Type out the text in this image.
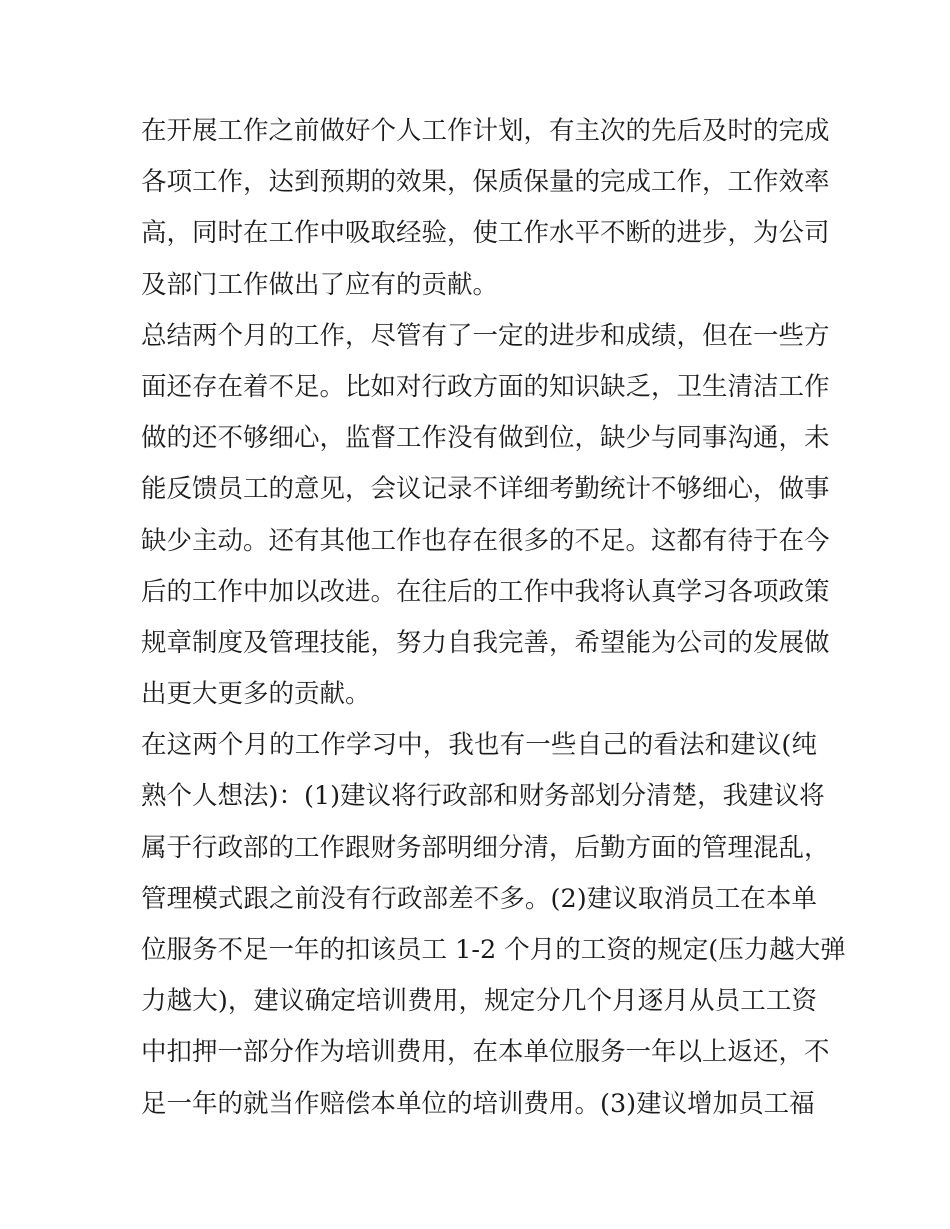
在开展工作之前做好个人工作计划，有主次的先后及时的完成
各项工作，达到预期的效果，保质保量的完成工作，工作效率
高，同时在工作中吸取经验，使工作水平不断的进步，为公司
及部门工作做出了应有的贡献。
总结两个月的工作，尽管有了一定的进步和成绩，但在一些方
面还存在着不足。比如对行政方面的知识缺乏，卫生清洁工作
做的还不够细心，监督工作没有做到位，缺少与同事沟通，未
能反馈员工的意见，会议记录不详细考勤统计不够细心，做事
缺少主动。还有其他工作也存在很多的不足。这都有待于在今
后的工作中加以改进。在往后的工作中我将认真学习各项政策
规章制度及管理技能，努力自我完善，希望能为公司的发展做
出更大更多的贡献。
在这两个月的工作学习中，我也有一些自己的看法和建议(纯
熟个人想法)：(1)建议将行政部和财务部划分清楚，我建议将
属于行政部的工作跟财务部明细分清，后勤方面的管理混乱，
管理模式跟之前没有行政部差不多。(2)建议取消员工在本单
位服务不足一年的扣该员工 1-2 个月的工资的规定(压力越大弹
力越大)，建议确定培训费用，规定分几个月逐月从员工工资
中扣押一部分作为培训费用，在本单位服务一年以上返还，不
足一年的就当作赔偿本单位的培训费用。(3)建议增加员工福
